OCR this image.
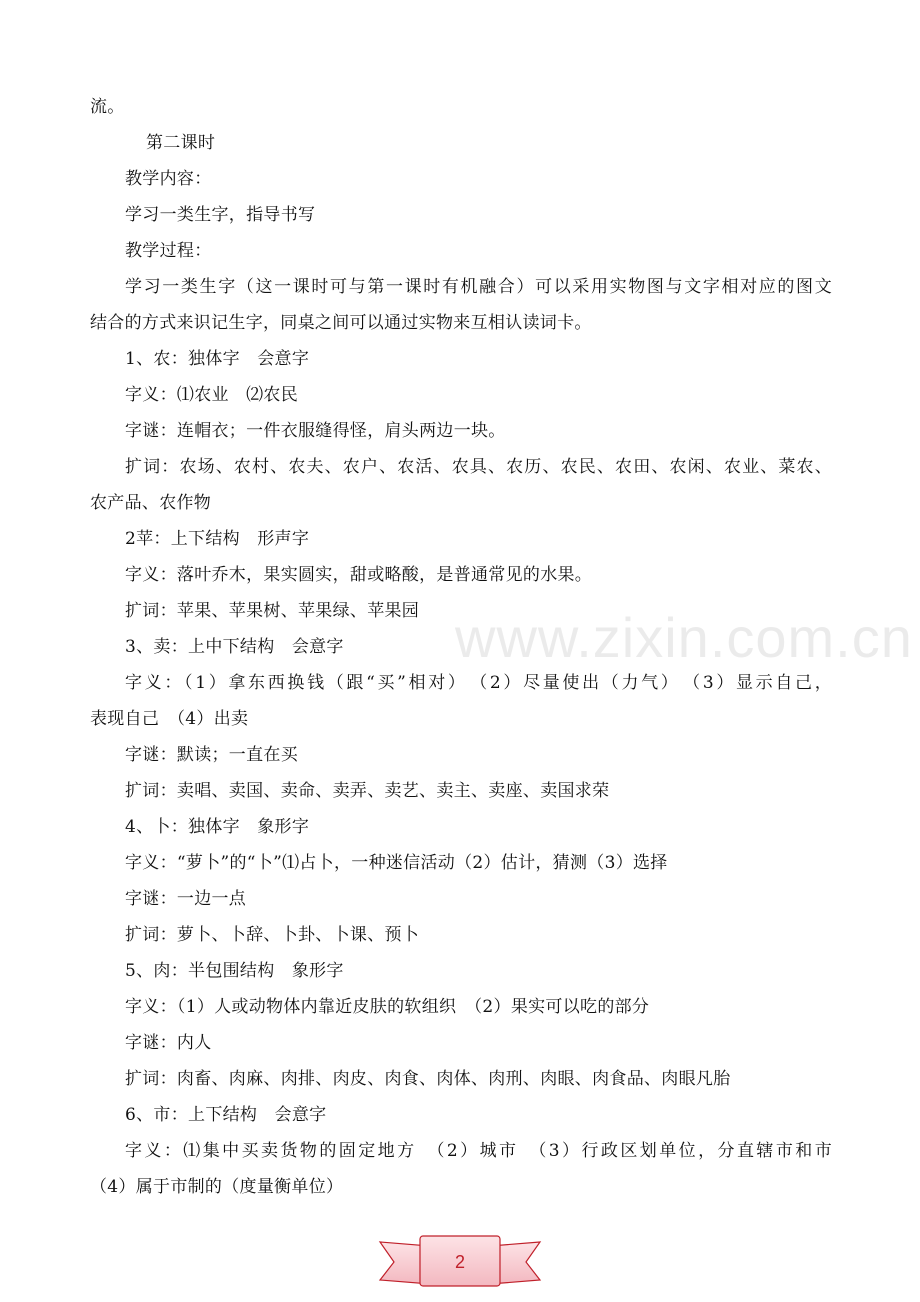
流。
第二课时
教学内容：
学习一类生字，指导书写
教学过程：
学习一类生字（这一课时可与第一课时有机融合）可以采用实物图与文字相对应的图文
结合的方式来识记生字，同桌之间可以通过实物来互相认读词卡。
1、农：独体字　会意字
字义：⑴农业　⑵农民
字谜：连帽衣；一件衣服缝得怪，肩头两边一块。
扩词：农场、农村、农夫、农户、农活、农具、农历、农民、农田、农闲、农业、菜农、
农产品、农作物
2苹：上下结构　形声字
字义：落叶乔木，果实圆实，甜或略酸，是普通常见的水果。
扩词：苹果、苹果树、苹果绿、苹果园
3、卖：上中下结构　会意字
字义：（1）拿东西换钱（跟“买”相对）　（2）尽量使出（力气）　（3）显示自己，
表现自己　（4）出卖
字谜：默读；一直在买
扩词：卖唱、卖国、卖命、卖弄、卖艺、卖主、卖座、卖国求荣
4、卜：独体字　象形字
字义：“萝卜”的“卜”⑴占卜，一种迷信活动（2）估计，猜测（3）选择
字谜：一边一点
扩词：萝卜、卜辞、卜卦、卜课、预卜
5、肉：半包围结构　象形字
字义：（1）人或动物体内靠近皮肤的软组织　（2）果实可以吃的部分
字谜：内人
扩词：肉畜、肉麻、肉排、肉皮、肉食、肉体、肉刑、肉眼、肉食品、肉眼凡胎
6、市：上下结构　会意字
字义：⑴集中买卖货物的固定地方　（2）城市　（3）行政区划单位，分直辖市和市
（4）属于市制的（度量衡单位）
www.zixin.com.cn
2
